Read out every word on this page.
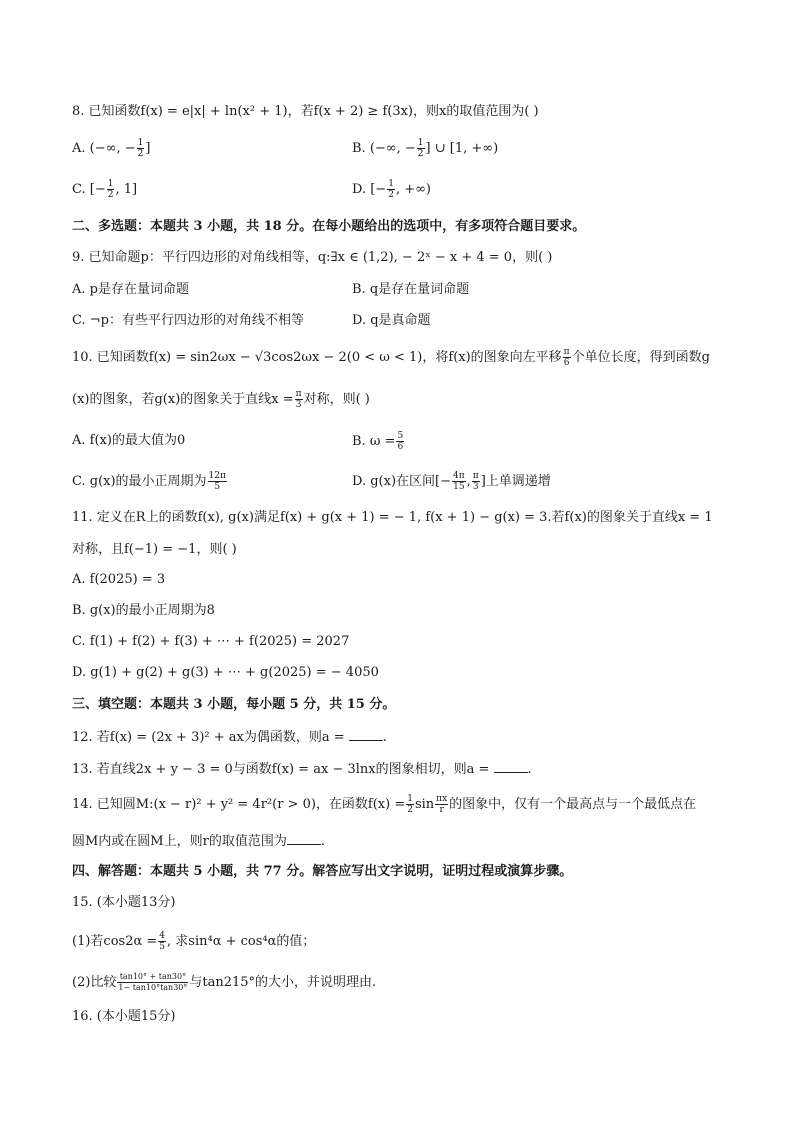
8. 已知函数f(x) = e|x| + ln(x² + 1)，若f(x + 2) ≥ f(3x)，则x的取值范围为( )
A. (−∞, − $\frac{1}{2}$ ]	B. (−∞, − $\frac{1}{2}$ ] ∪ [1, +∞)
C. [− $\frac{1}{2}$ , 1]	D. [− $\frac{1}{2}$ , +∞)
二、多选题：本题共 3 小题，共 18 分。在每小题给出的选项中，有多项符合题目要求。
9. 已知命题p：平行四边形的对角线相等，q:∃x ∈ (1,2), − 2ˣ − x + 4 = 0，则( )
A. p是存在量词命题	B. q是存在量词命题
C. ¬p：有些平行四边形的对角线不相等	D. q是真命题
10. 已知函数f(x) = sin2ωx − √3cos2ωx − 2(0 < ω < 1)，将f(x)的图象向左平移 $\frac{\pi}{6}$ 个单位长度，得到函数g
(x)的图象，若g(x)的图象关于直线$x = \frac{\pi}{3}$ 对称，则( )
A. f(x)的最大值为0	B. $\omega = \frac{5}{6}$
C. g(x)的最小正周期为 $\frac{12\pi}{5}$	D. g(x)在区间[− $\frac{4\pi}{15}$ , $\frac{\pi}{3}$ ]上单调递增
11. 定义在R上的函数f(x), g(x)满足f(x) + g(x + 1) = − 1, f(x + 1) − g(x) = 3.若f(x)的图象关于直线x = 1
对称，且f(−1) = −1，则( )
A. f(2025) = 3
B. g(x)的最小正周期为8
C. f(1) + f(2) + f(3) + ⋯ + f(2025) = 2027
D. g(1) + g(2) + g(3) + ⋯ + g(2025) = − 4050
三、填空题：本题共 3 小题，每小题 5 分，共 15 分。
12. 若f(x) = (2x + 3)² + ax为偶函数，则a =	.
13. 若直线2x + y − 3 = 0与函数f(x) = ax − 3lnx的图象相切，则a =	.
14. 已知圆M:(x − r)² + y² = 4r²(r > 0)，在函数$f(x) = \frac{1}{2}$ $\sin \frac{\pi x}{r}$ 的图象中，仅有一个最高点与一个最低点在
圆M内或在圆M上，则r的取值范围为	.
四、解答题：本题共 5 小题，共 77 分。解答应写出文字说明，证明过程或演算步骤。
15. (本小题13分)
(1)若$\cos 2\alpha = \frac{4}{5}$ , 求sin⁴α + cos⁴α的值；
(2)比较 $\frac{\tan 10^\circ + \tan 30^\circ}{1- \tan 10^\circ\tan 30^\circ}$ 与tan215°的大小，并说明理由.
16. (本小题15分)
